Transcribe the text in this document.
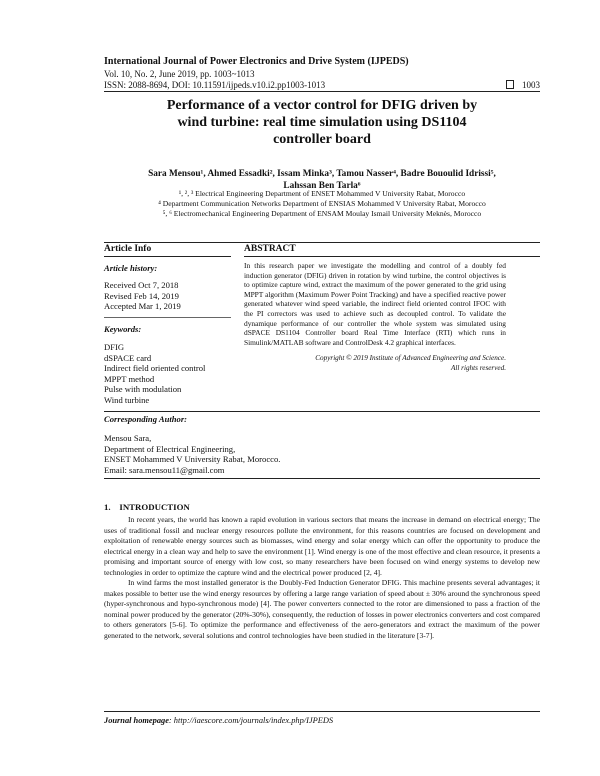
International Journal of Power Electronics and Drive System (IJPEDS)
Vol. 10, No. 2, June 2019, pp. 1003~1013
ISSN: 2088-8694, DOI: 10.11591/ijpeds.v10.i2.pp1003-1013	1003
Performance of a vector control for DFIG driven by
wind turbine: real time simulation using DS1104
controller board
Sara Mensou¹, Ahmed Essadki², Issam Minka³, Tamou Nasser⁴, Badre Bououlid Idrissi⁵,
Lahssan Ben Tarla⁶
¹, ², ³ Electrical Engineering Department of ENSET Mohammed V University Rabat, Morocco
⁴ Department Communication Networks Department of ENSIAS Mohammed V University Rabat, Morocco
⁵, ⁶ Electromechanical Engineering Department of ENSAM Moulay Ismail University Meknès, Morocco
Article Info	ABSTRACT
Article history:
Received Oct 7, 2018
Revised Feb 14, 2019
Accepted Mar 1, 2019
Keywords:
DFIG
dSPACE card
Indirect field oriented control
MPPT method
Pulse with modulation
Wind turbine
In this research paper we investigate the modelling and control of a doubly fed induction generator (DFIG) driven in rotation by wind turbine, the control objectives is to optimize capture wind, extract the maximum of the power generated to the grid using MPPT algorithm (Maximum Power Point Tracking) and have a specified reactive power generated whatever wind speed variable, the indirect field oriented control IFOC with the PI correctors was used to achieve such as decoupled control. To validate the dynamique performance of our controller the whole system was simulated using dSPACE DS1104 Controller board Real Time Interface (RTI) which runs in Simulink/MATLAB software and ControlDesk 4.2 graphical interfaces.
Copyright © 2019 Institute of Advanced Engineering and Science.
All rights reserved.
Corresponding Author:
Mensou Sara,
Department of Electrical Engineering,
ENSET Mohammed V University Rabat, Morocco.
Email: sara.mensou11@gmail.com
1.    INTRODUCTION

In recent years, the world has known a rapid evolution in various sectors that means the increase in demand on electrical energy; The uses of traditional fossil and nuclear energy resources pollute the environment, for this reasons countries are focused on development and exploitation of renewable energy sources such as biomasses, wind energy and solar energy which can offer the opportunity to produce the electrical energy in a clean way and help to save the environment [1]. Wind energy is one of the most effective and clean resource, it presents a promising and important source of energy with low cost, so many researchers have been focused on wind energy systems to develop new technologies in order to optimize the capture wind and the electrical power produced [2, 4].

In wind farms the most installed generator is the Doubly-Fed Induction Generator DFIG. This machine presents several advantages; it makes possible to better use the wind energy resources by offering a large range variation of speed about ± 30% around the synchronous speed (hyper-synchronous and hypo-synchronous mode) [4]. The power converters connected to the rotor are dimensioned to pass a fraction of the nominal power produced by the generator (20%-30%), consequently, the reduction of losses in power electronics converters and cost compared to others generators [5-6]. To optimize the performance and effectiveness of the aero-generators and extract the maximum of the power generated to the network, several solutions and control technologies have been studied in the literature [3-7].

Journal homepage: http://iaescore.com/journals/index.php/IJPEDS
